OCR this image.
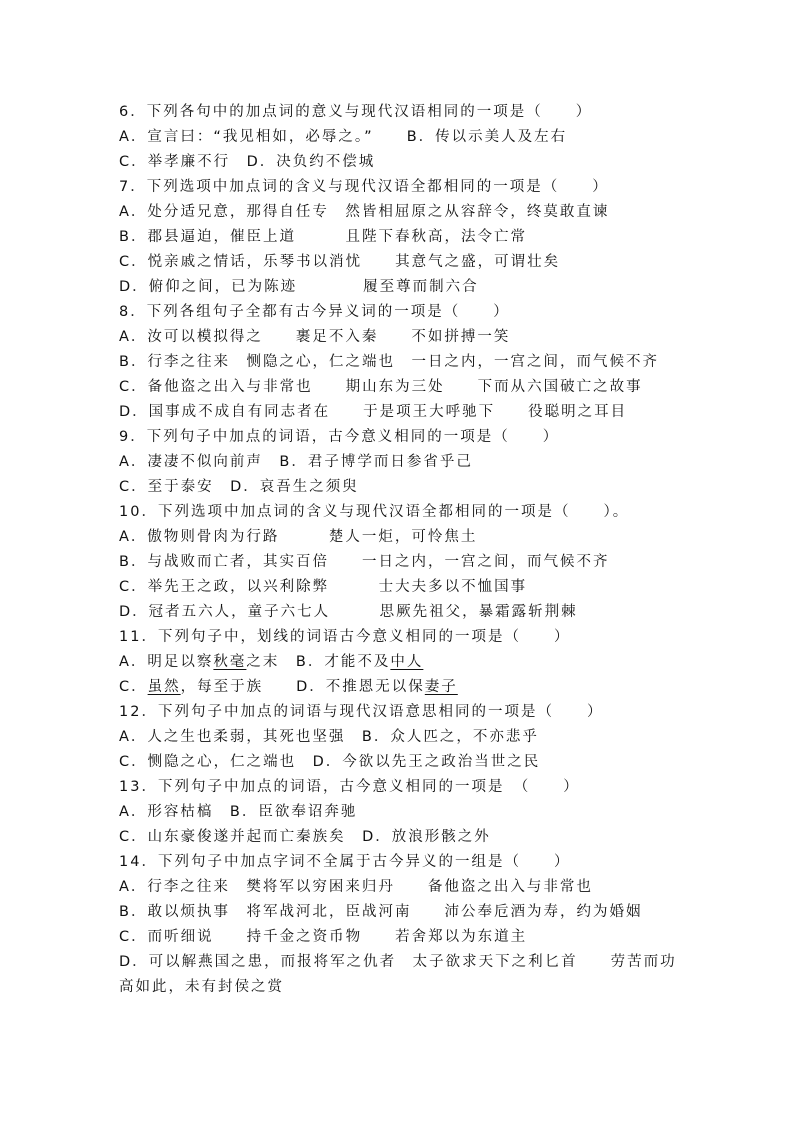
6．下列各句中的加点词的意义与现代汉语相同的一项是（　　）
A．宣言曰：“我见相如，必辱之。”　　B．传以示美人及左右
C．举孝廉不行　D．决负约不偿城
7．下列选项中加点词的含义与现代汉语全都相同的一项是（　　）
A．处分适兄意，那得自任专　然皆相屈原之从容辞令，终莫敢直谏
B．郡县逼迫，催臣上道　　　且陛下春秋高，法令亡常
C．悦亲戚之情话，乐琴书以消忧　　其意气之盛，可谓壮矣
D．俯仰之间，已为陈迹　　　　履至尊而制六合
8．下列各组句子全都有古今异义词的一项是（　　）
A．汝可以模拟得之　　裹足不入秦　　不如拼搏一笑
B．行李之往来　恻隐之心，仁之端也　一日之内，一宫之间，而气候不齐
C．备他盗之出入与非常也　　期山东为三处　　下而从六国破亡之故事
D．国事成不成自有同志者在　　于是项王大呼驰下　　役聪明之耳目
9．下列句子中加点的词语，古今意义相同的一项是（　　）
A．凄凄不似向前声　B．君子博学而日参省乎己
C．至于泰安　D．哀吾生之须臾
10．下列选项中加点词的含义与现代汉语全都相同的一项是（　　）。
A．傲物则骨肉为行路　　　楚人一炬，可怜焦土
B．与战败而亡者，其实百倍　　一日之内，一宫之间，而气候不齐
C．举先王之政，以兴利除弊　　　士大夫多以不恤国事
D．冠者五六人，童子六七人　　　思厥先祖父，暴霜露斩荆棘
11．下列句子中，划线的词语古今意义相同的一项是（　　）
A．明足以察秋毫之末　B．才能不及中人
C．虽然，每至于族　　D．不推恩无以保妻子
12．下列句子中加点的词语与现代汉语意思相同的一项是（　　）
A．人之生也柔弱，其死也坚强　B．众人匹之，不亦悲乎
C．恻隐之心，仁之端也　D．今欲以先王之政治当世之民
13．下列句子中加点的词语，古今意义相同的一项是　（　　）
A．形容枯槁　B．臣欲奉诏奔驰
C．山东豪俊遂并起而亡秦族矣　D．放浪形骸之外
14．下列句子中加点字词不全属于古今异义的一组是（　　）
A．行李之往来　樊将军以穷困来归丹　　备他盗之出入与非常也
B．敢以烦执事　将军战河北，臣战河南　　沛公奉卮酒为寿，约为婚姻
C．而听细说　　持千金之资币物　　若舍郑以为东道主
D．可以解燕国之患，而报将军之仇者　太子欲求天下之利匕首　　劳苦而功高如此，未有封侯之赏
